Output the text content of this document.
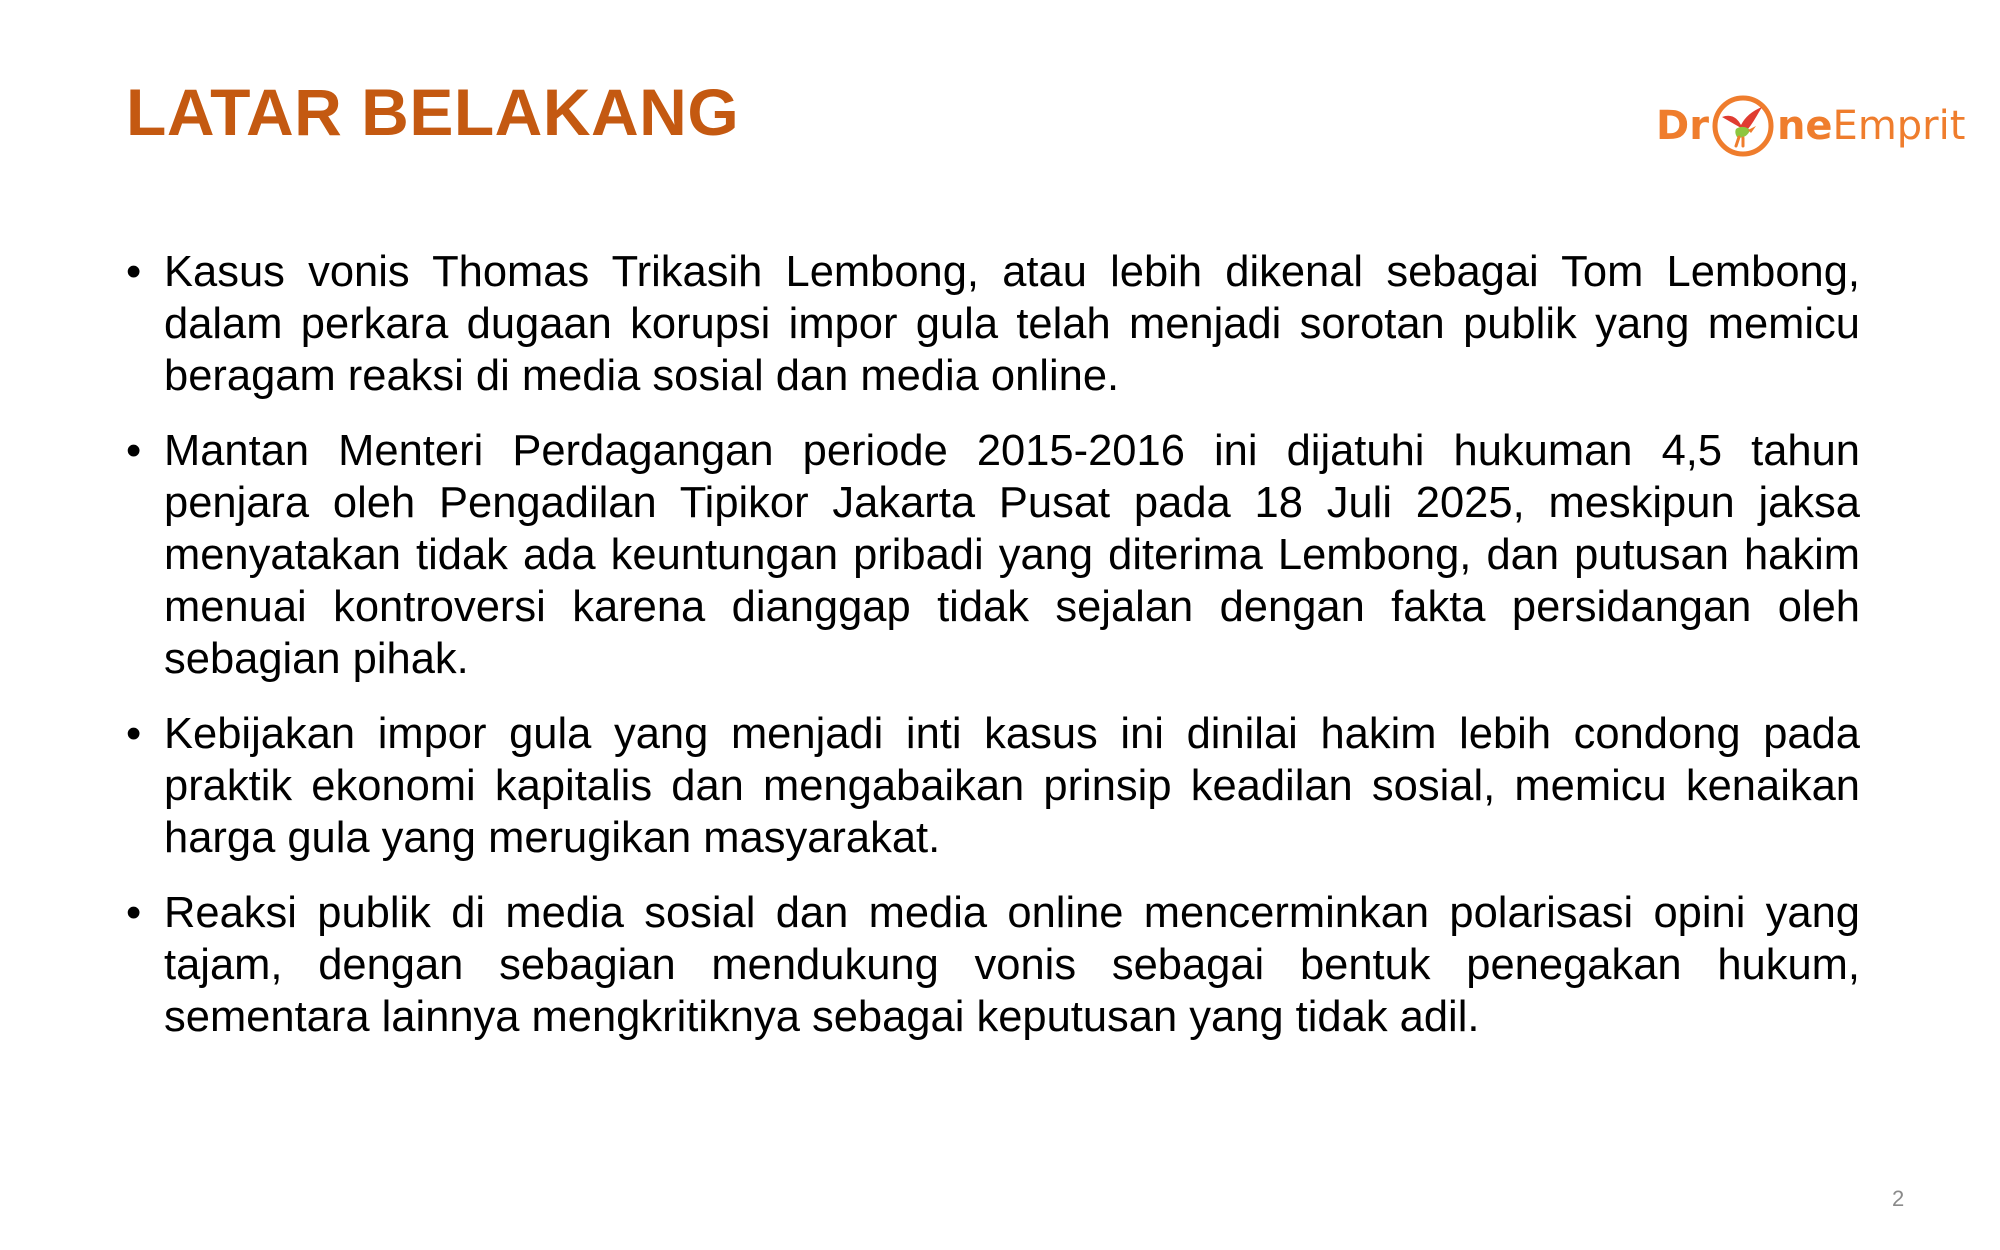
LATAR BELAKANG	Dr ne Emprit
• Kasus vonis Thomas Trikasih Lembong, atau lebih dikenal sebagai Tom Lembong, dalam perkara dugaan korupsi impor gula telah menjadi sorotan publik yang memicu beragam reaksi di media sosial dan media online.
• Mantan Menteri Perdagangan periode 2015-2016 ini dijatuhi hukuman 4,5 tahun penjara oleh Pengadilan Tipikor Jakarta Pusat pada 18 Juli 2025, meskipun jaksa menyatakan tidak ada keuntungan pribadi yang diterima Lembong, dan putusan hakim menuai kontroversi karena dianggap tidak sejalan dengan fakta persidangan oleh sebagian pihak.
• Kebijakan impor gula yang menjadi inti kasus ini dinilai hakim lebih condong pada praktik ekonomi kapitalis dan mengabaikan prinsip keadilan sosial, memicu kenaikan harga gula yang merugikan masyarakat.
• Reaksi publik di media sosial dan media online mencerminkan polarisasi opini yang tajam, dengan sebagian mendukung vonis sebagai bentuk penegakan hukum, sementara lainnya mengkritiknya sebagai keputusan yang tidak adil.
2
